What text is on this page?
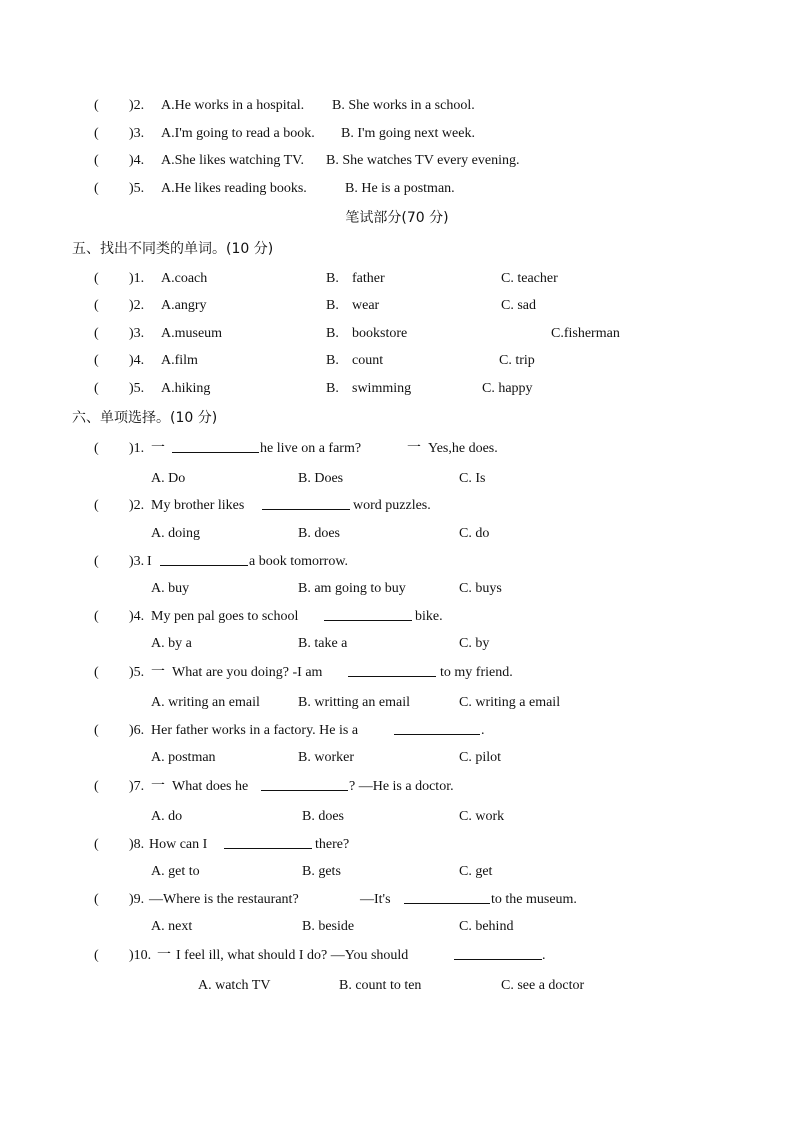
( )2. A.He works in a hospital. B. She works in a school.
( )3. A.I'm going to read a book. B. I'm going next week.
( )4. A.She likes watching TV. B. She watches TV every evening.
( )5. A.He likes reading books.	B. He is a postman.
笔试部分(70 分)
五、找出不同类的单词。(10 分)
( )1. A.coach	B. father	C. teacher
( )2. A.angry	B. wear	C. sad
( )3. A.museum	B. bookstore	C.fisherman
( )4. A.film	B. count	C. trip
( )5. A.hiking	B. swimming	C. happy
六、单项选择。(10 分)
( )1. 一	he live on a farm?	一 Yes,he does.
A. Do	B. Does	C. Is
( )2. My brother likes	word puzzles.
A. doing	B. does	C. do
( )3. I	a book tomorrow.
A. buy	B. am going to buy	C. buys
( )4. My pen pal goes to school	bike.
A. by a	B. take a	C. by
( )5. 一 What are you doing? -I am	to my friend.
A. writing an email	B. writting an email	C. writing a email
( )6. Her father works in a factory. He is a	.
A. postman	B. worker	C. pilot
( )7. 一 What does he	? —He is a doctor.
A. do	B. does	C. work
( )8. How can I	there?
A. get to	B. gets	C. get
( )9. —Where is the restaurant?	—It's	to the museum.
A. next	B. beside	C. behind
( )10. 一 I feel ill, what should I do? —You should	.
A. watch TV	B. count to ten	C. see a doctor
